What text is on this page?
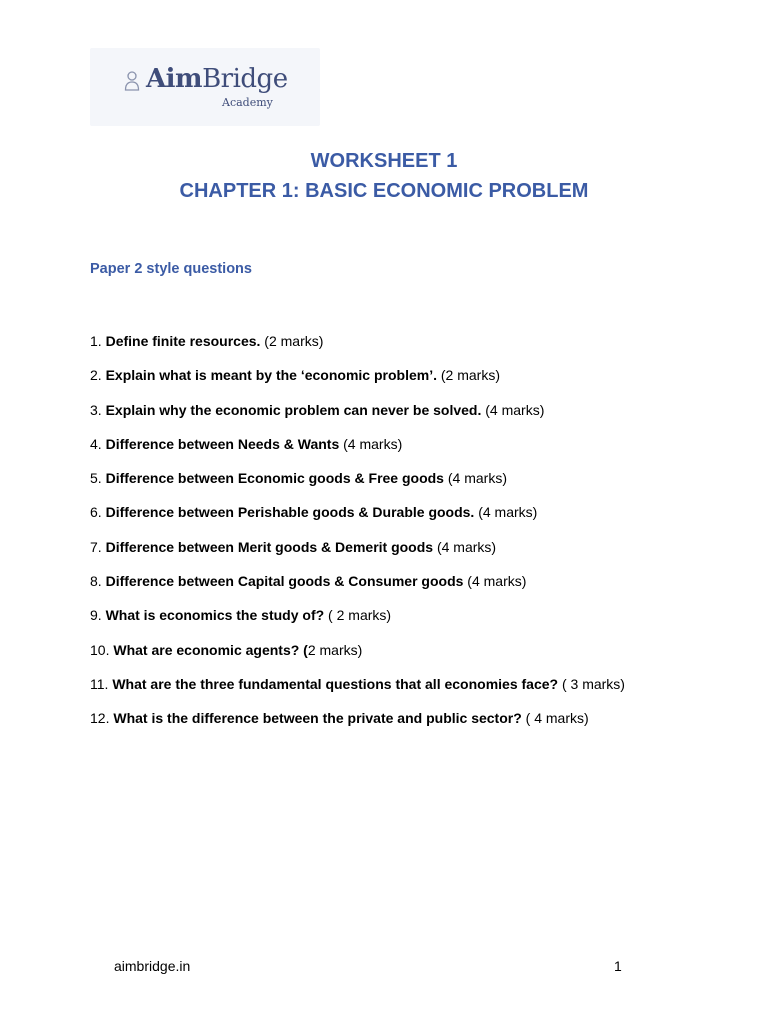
AimBridge
Academy
WORKSHEET 1
CHAPTER 1: BASIC ECONOMIC PROBLEM
Paper 2 style questions
1. Define finite resources. (2 marks)
2. Explain what is meant by the ‘economic problem’. (2 marks)
3. Explain why the economic problem can never be solved. (4 marks)
4. Difference between Needs & Wants (4 marks)
5. Difference between Economic goods & Free goods (4 marks)
6. Difference between Perishable goods & Durable goods. (4 marks)
7. Difference between Merit goods & Demerit goods (4 marks)
8. Difference between Capital goods & Consumer goods (4 marks)
9. What is economics the study of? ( 2 marks)
10. What are economic agents? (2 marks)
11. What are the three fundamental questions that all economies face? ( 3 marks)
12. What is the difference between the private and public sector? ( 4 marks)
aimbridge.in	1
